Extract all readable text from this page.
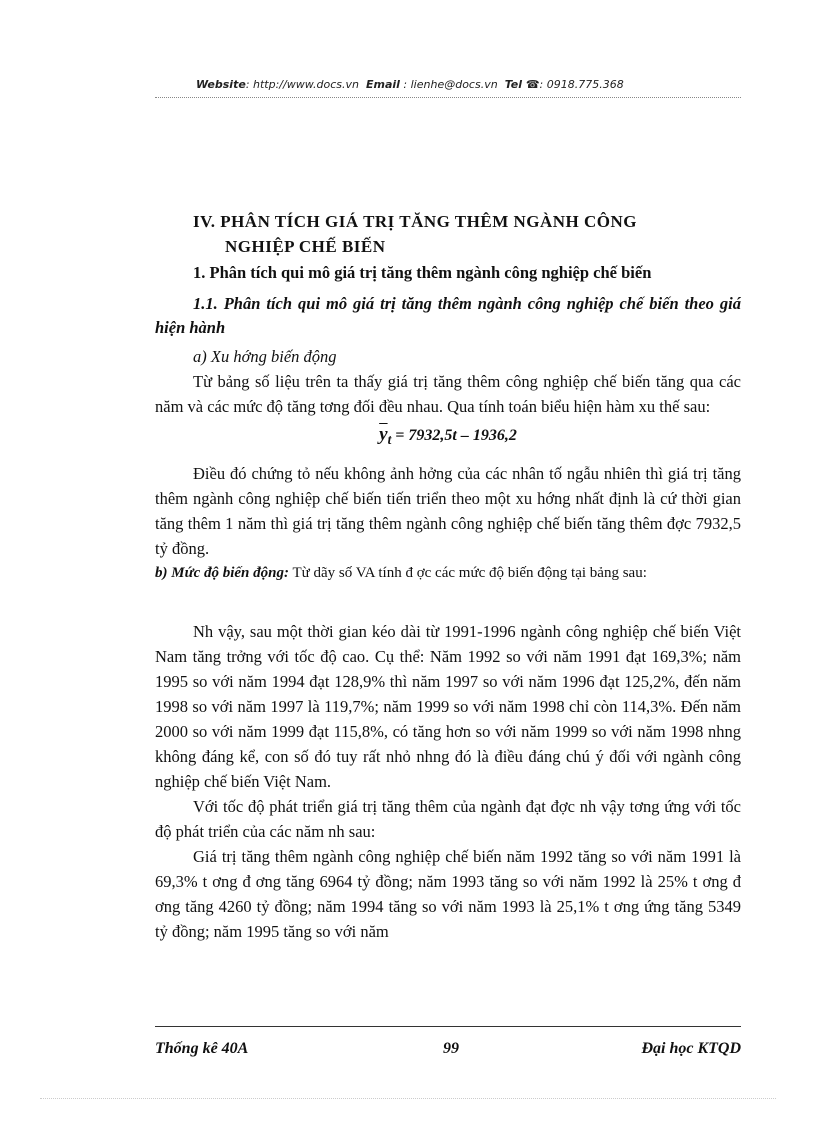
Website: http://www.docs.vn Email : lienhe@docs.vn Tel ☎: 0918.775.368
IV. PHÂN TÍCH GIÁ TRỊ TĂNG THÊM NGÀNH CÔNG
NGHIỆP CHẾ BIẾN

1. Phân tích qui mô giá trị tăng thêm ngành công nghiệp chế biến

1.1. Phân tích qui mô giá trị tăng thêm ngành công nghiệp chế biến theo giá hiện hành

a) Xu hớng biến động

Từ bảng số liệu trên ta thấy giá trị tăng thêm công nghiệp chế biến tăng qua các năm và các mức độ tăng tơng đối đều nhau. Qua tính toán biểu hiện hàm xu thế sau:

$\overline{y}_t = 7932,5t - 1936,2$

Điều đó chứng tỏ nếu không ảnh hởng của các nhân tố ngẫu nhiên thì giá trị tăng thêm ngành công nghiệp chế biến tiến triển theo một xu hớng nhất định là cứ thời gian tăng thêm 1 năm thì giá trị tăng thêm ngành công nghiệp chế biến tăng thêm đợc 7932,5 tỷ đồng.

b) Mức độ biến động: Từ dãy số VA tính đ ợc các mức độ biến động tại bảng sau:

Nh vậy, sau một thời gian kéo dài từ 1991-1996 ngành công nghiệp chế biến Việt Nam tăng trởng với tốc độ cao. Cụ thể: Năm 1992 so với năm 1991 đạt 169,3%; năm 1995 so với năm 1994 đạt 128,9% thì năm 1997 so với năm 1996 đạt 125,2%, đến năm 1998 so với năm 1997 là 119,7%; năm 1999 so với năm 1998 chỉ còn 114,3%. Đến năm 2000 so với năm 1999 đạt 115,8%, có tăng hơn so với năm 1999 so với năm 1998 nhng không đáng kể, con số đó tuy rất nhỏ nhng đó là điều đáng chú ý đối với ngành công nghiệp chế biến Việt Nam.

Với tốc độ phát triển giá trị tăng thêm của ngành đạt đợc nh vậy tơng ứng với tốc độ phát triển của các năm nh sau:

Giá trị tăng thêm ngành công nghiệp chế biến năm 1992 tăng so với năm 1991 là 69,3% t ơng đ ơng tăng 6964 tỷ đồng; năm 1993 tăng so với năm 1992 là 25% t ơng đ ơng tăng 4260 tỷ đồng; năm 1994 tăng so với năm 1993 là 25,1% t ơng ứng tăng 5349 tỷ đồng; năm 1995 tăng so với năm

Thống kê 40A	99	Đại học KTQD
